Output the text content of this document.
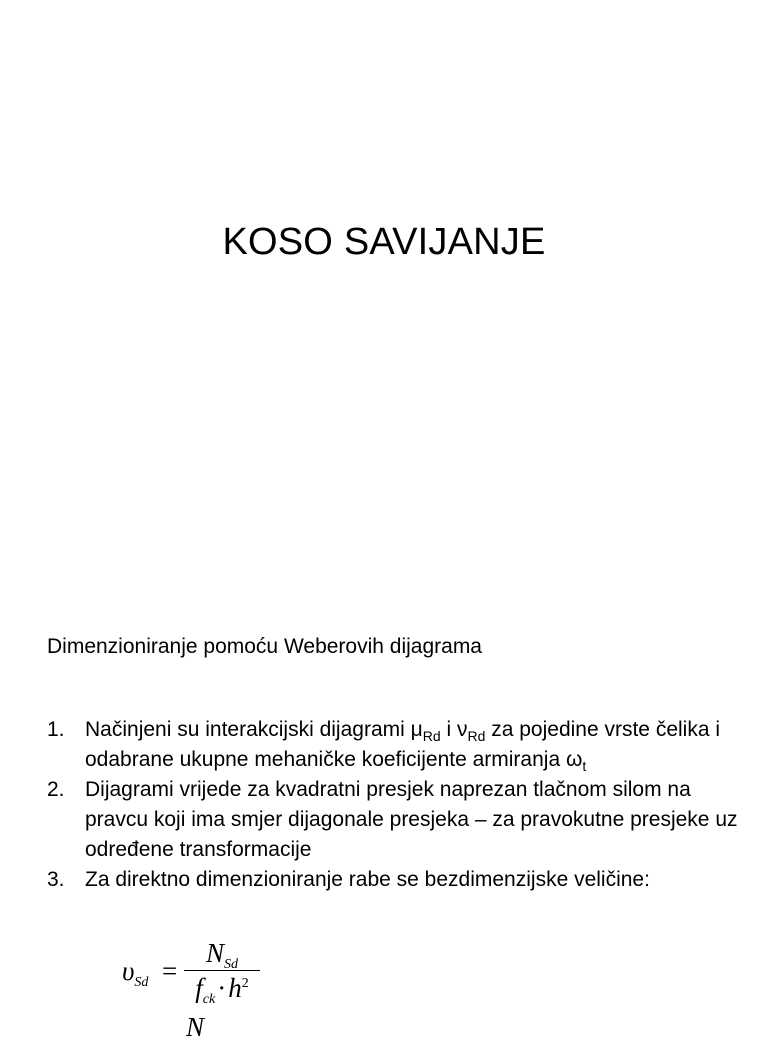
KOSO SAVIJANJE
Dimenzioniranje pomoću Weberovih dijagrama
1. Načinjeni su interakcijski dijagrami $\mu_{Rd}$ i $\nu_{Rd}$ za pojedine vrste čelika i odabrane ukupne mehaničke koeficijente armiranja $\omega_t$
2. Dijagrami vrijede za kvadratni presjek naprezan tlačnom silom na pravcu koji ima smjer dijagonale presjeka – za pravokutne presjeke uz određene transformacije
3. Za direktno dimenzioniranje rabe se bezdimenzijske veličine:
$\upsilon_{Sd}$ =
$N_{Sd}$
$f_{ck}\cdot h^2$
N
